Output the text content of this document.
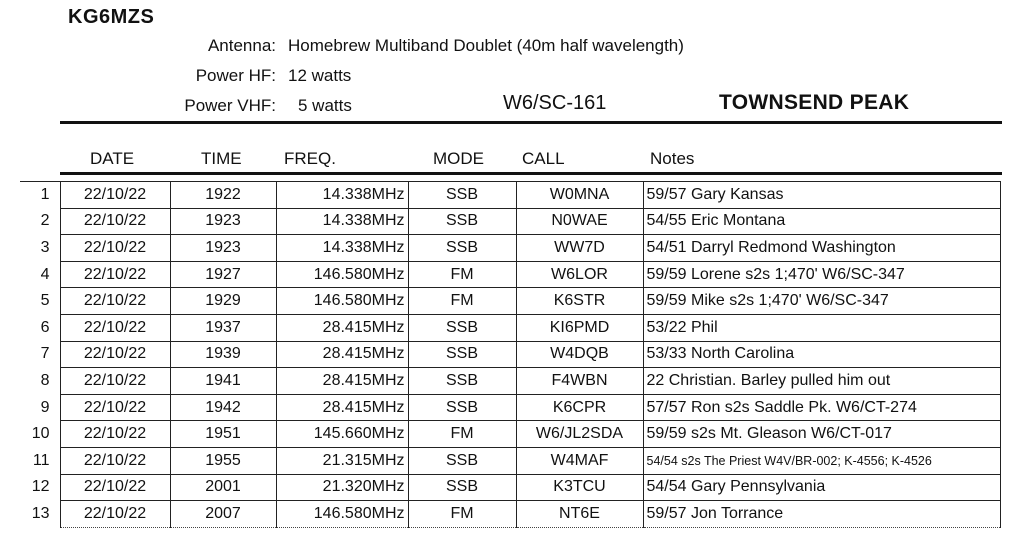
KG6MZS
Antenna: Homebrew Multiband Doublet (40m half wavelength)
Power HF: 12 watts
Power VHF: 5 watts	W6/SC-161	TOWNSEND PEAK
DATE	TIME FREQ.	MODE CALL	Notes
1	22/10/22	1922	14.338MHz	SSB	W0MNA	59/57 Gary Kansas
2	22/10/22	1923	14.338MHz	SSB	N0WAE	54/55 Eric Montana
3	22/10/22	1923	14.338MHz	SSB	WW7D	54/51 Darryl Redmond Washington
4	22/10/22	1927	146.580MHz	FM	W6LOR	59/59 Lorene s2s 1;470' W6/SC-347
5	22/10/22	1929	146.580MHz	FM	K6STR	59/59 Mike s2s 1;470' W6/SC-347
6	22/10/22	1937	28.415MHz	SSB	KI6PMD	53/22 Phil
7	22/10/22	1939	28.415MHz	SSB	W4DQB	53/33 North Carolina
8	22/10/22	1941	28.415MHz	SSB	F4WBN	22 Christian. Barley pulled him out
9	22/10/22	1942	28.415MHz	SSB	K6CPR	57/57 Ron s2s Saddle Pk. W6/CT-274
10	22/10/22	1951	145.660MHz	FM	W6/JL2SDA	59/59 s2s Mt. Gleason W6/CT-017
11	22/10/22	1955	21.315MHz	SSB	W4MAF	54/54 s2s The Priest W4V/BR-002; K-4556; K-4526
12	22/10/22	2001	21.320MHz	SSB	K3TCU	54/54 Gary Pennsylvania
13	22/10/22	2007	146.580MHz	FM	NT6E	59/57 Jon Torrance
